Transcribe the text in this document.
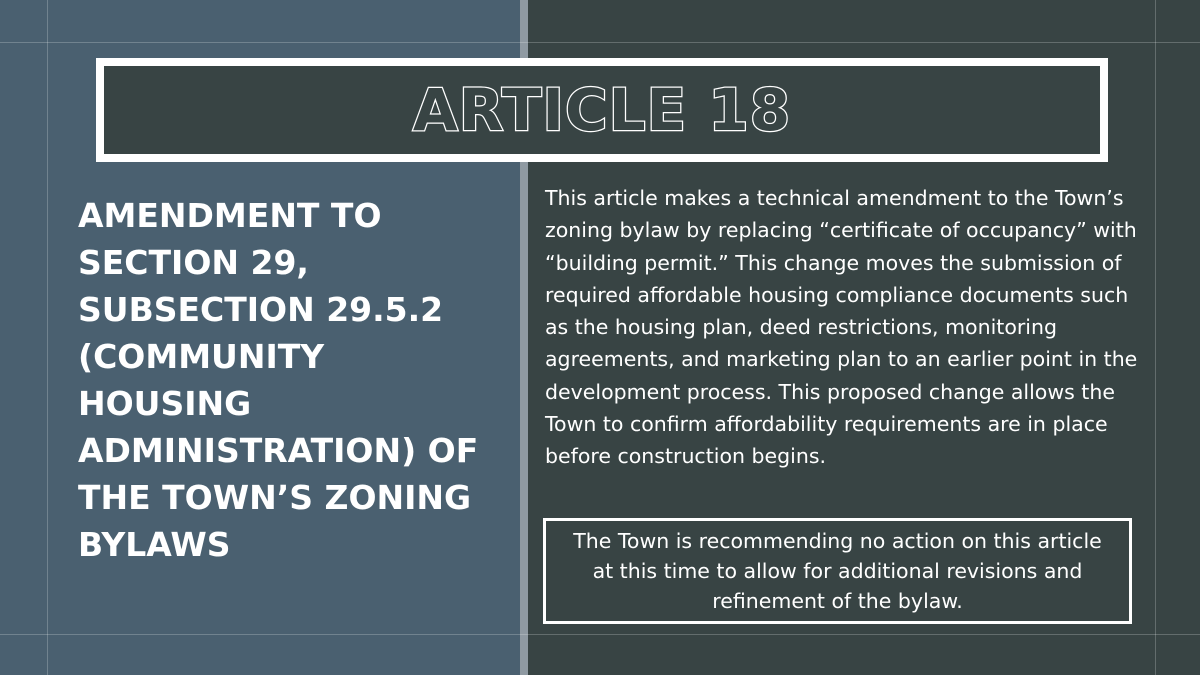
ARTICLE 18
AMENDMENT TO SECTION 29, SUBSECTION 29.5.2 (COMMUNITY HOUSING ADMINISTRATION) OF THE TOWN’S ZONING BYLAWS

This article makes a technical amendment to the Town’s zoning bylaw by replacing “certificate of occupancy” with “building permit.” This change moves the submission of required affordable housing compliance documents such as the housing plan, deed restrictions, monitoring agreements, and marketing plan to an earlier point in the development process. This proposed change allows the Town to confirm affordability requirements are in place before construction begins.

The Town is recommending no action on this article at this time to allow for additional revisions and refinement of the bylaw.
